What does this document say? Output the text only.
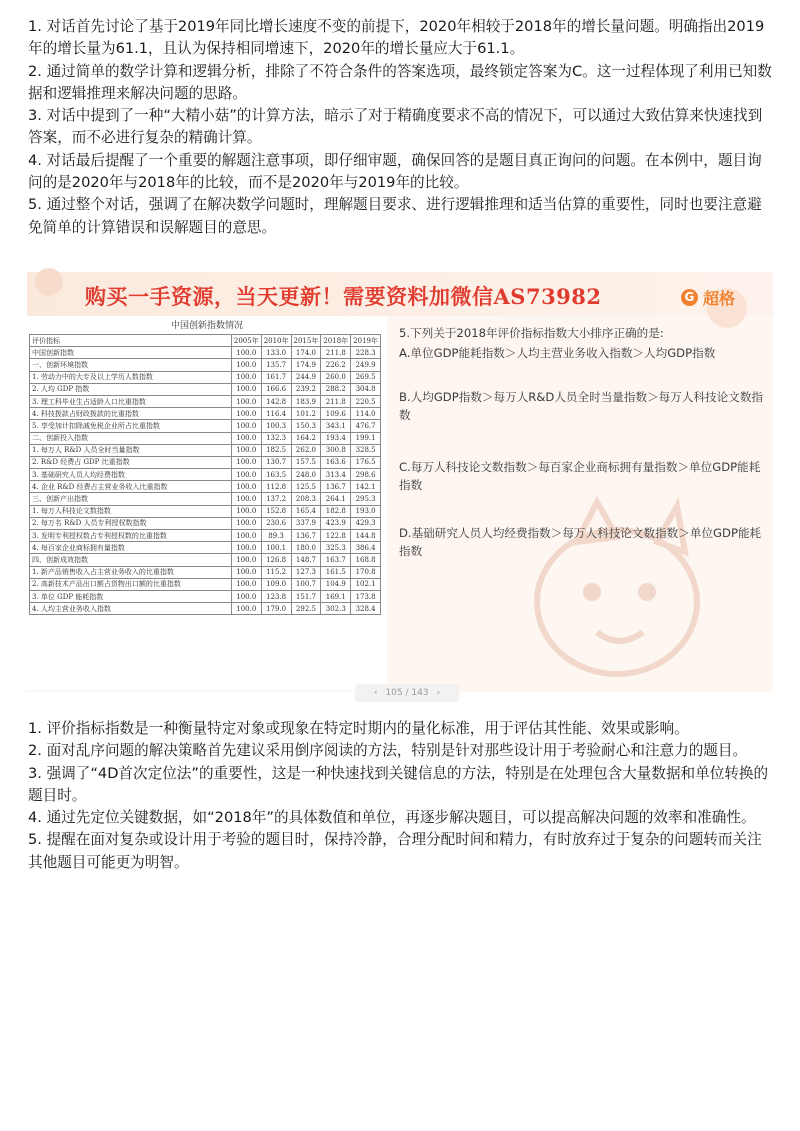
1. 对话首先讨论了基于2019年同比增长速度不变的前提下，2020年相较于2018年的增长量问题。明确指出2019年的增长量为61.1，且认为保持相同增速下，2020年的增长量应大于61.1。

2. 通过简单的数学计算和逻辑分析，排除了不符合条件的答案选项，最终锁定答案为C。这一过程体现了利用已知数据和逻辑推理来解决问题的思路。

3. 对话中提到了一种“大精小菇”的计算方法，暗示了对于精确度要求不高的情况下，可以通过大致估算来快速找到答案，而不必进行复杂的精确计算。

4. 对话最后提醒了一个重要的解题注意事项，即仔细审题，确保回答的是题目真正询问的问题。在本例中，题目询问的是2020年与2018年的比较，而不是2020年与2019年的比较。

5. 通过整个对话，强调了在解决数学问题时，理解题目要求、进行逻辑推理和适当估算的重要性，同时也要注意避免简单的计算错误和误解题目的意思。

购买一手资源，当天更新！需要资料加微信AS73982	G 超格
中国创新指数情况
评价指标	2005年	2010年	2015年	2018年	2019年
中国创新指数	100.0	133.0	174.0	211.8	228.3
一、创新环境指数	100.0	135.7	174.9	226.2	249.9
1. 劳动力中的大专及以上学历人数指数	100.0	161.7	244.9	260.0	269.5
2. 人均 GDP 指数	100.0	166.6	239.2	288.2	304.8
3. 理工科毕业生占适龄人口比重指数	100.0	142.8	183.9	211.8	220.5
4. 科技拨款占财政拨款的比重指数	100.0	116.4	101.2	109.6	114.0
5. 享受加计扣除减免税企业所占比重指数	100.0	100.3	150.3	343.1	476.7
二、创新投入指数	100.0	132.3	164.2	193.4	199.1
1. 每万人 R&D 人员全时当量指数	100.0	182.5	262.0	300.8	328.5
2. R&D 经费占 GDP 比重指数	100.0	130.7	157.5	163.6	176.5
3. 基础研究人员人均经费指数	100.0	163.5	248.0	313.4	298.6
4. 企业 R&D 经费占主营业务收入比重指数	100.0	112.8	125.5	136.7	142.1
三、创新产出指数	100.0	137.2	208.3	264.1	295.3
1. 每万人科技论文数指数	100.0	152.8	165.4	182.8	193.0
2. 每万名 R&D 人员专利授权数指数	100.0	230.6	337.9	423.9	429.3
3. 发明专利授权数占专利授权数的比重指数	100.0	89.3	136.7	122.8	144.8
4. 每百家企业商标拥有量指数	100.0	100.1	180.0	325.3	386.4
四、创新成效指数	100.0	126.8	148.7	163.7	168.8
1. 新产品销售收入占主营业务收入的比重指数	100.0	115.2	127.3	161.5	170.8
2. 高新技术产品出口额占货物出口额的比重指数	100.0	109.0	100.7	104.9	102.1
3. 单位 GDP 能耗指数	100.0	123.8	151.7	169.1	173.8
4. 人均主营业务收入指数	100.0	179.0	292.5	302.3	328.4
5.下列关于2018年评价指标指数大小排序正确的是:
A.单位GDP能耗指数＞人均主营业务收入指数＞人均GDP指数
B.人均GDP指数＞每万人R&D人员全时当量指数＞每万人科技论文数指数
C.每万人科技论文数指数＞每百家企业商标拥有量指数＞单位GDP能耗指数
D.基础研究人员人均经费指数＞每万人科技论文数指数＞单位GDP能耗指数
‹ 105 / 143 ›

1. 评价指标指数是一种衡量特定对象或现象在特定时期内的量化标准，用于评估其性能、效果或影响。

2. 面对乱序问题的解决策略首先建议采用倒序阅读的方法，特别是针对那些设计用于考验耐心和注意力的题目。

3. 强调了“4D首次定位法”的重要性，这是一种快速找到关键信息的方法，特别是在处理包含大量数据和单位转换的题目时。

4. 通过先定位关键数据，如“2018年”的具体数值和单位，再逐步解决题目，可以提高解决问题的效率和准确性。

5. 提醒在面对复杂或设计用于考验的题目时，保持冷静，合理分配时间和精力，有时放弃过于复杂的问题转而关注其他题目可能更为明智。
